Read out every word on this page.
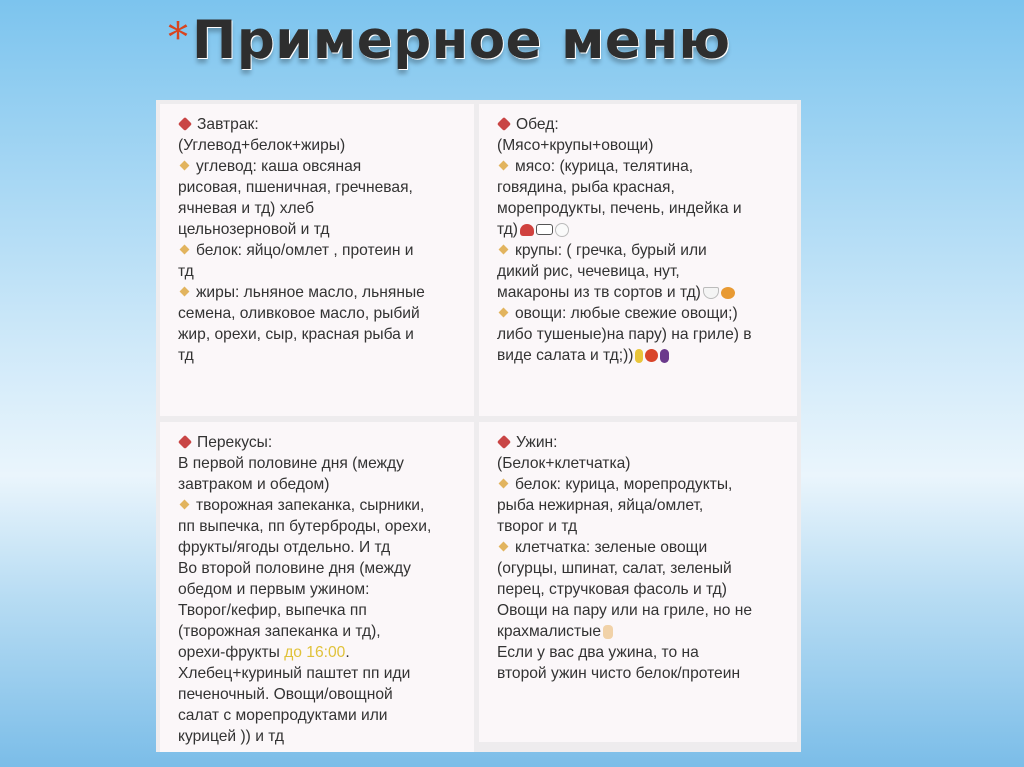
* Примерное меню
Завтрак:
(Углевод+белок+жиры)
углевод: каша овсяная
рисовая, пшеничная, гречневая,
ячневая и тд) хлеб
цельнозерновой и тд
белок: яйцо/омлет , протеин и
тд
жиры: льняное масло, льняные
семена, оливковое масло, рыбий
жир, орехи, сыр, красная рыба и
тд
Обед:
(Мясо+крупы+овощи)
мясо: (курица, телятина,
говядина, рыба красная,
морепродукты, печень, индейка и
тд)
крупы: ( гречка, бурый или
дикий рис, чечевица, нут,
макароны из тв сортов и тд)
овощи: любые свежие овощи;)
либо тушеные)на пару) на гриле) в
виде салата и тд;))
Перекусы:
В первой половине дня (между
завтраком и обедом)
творожная запеканка, сырники,
пп выпечка, пп бутерброды, орехи,
фрукты/ягоды отдельно. И тд
Во второй половине дня (между
обедом и первым ужином:
Творог/кефир, выпечка пп
(творожная запеканка и тд),
орехи-фрукты до 16:00.
Хлебец+куриный паштет пп иди
печеночный. Овощи/овощной
салат с морепродуктами или
курицей )) и тд
Ужин:
(Белок+клетчатка)
белок: курица, морепродукты,
рыба нежирная, яйца/омлет,
творог и тд
клетчатка: зеленые овощи
(огурцы, шпинат, салат, зеленый
перец, стручковая фасоль и тд)
Овощи на пару или на гриле, но не
крахмалистые
Если у вас два ужина, то на
второй ужин чисто белок/протеин
